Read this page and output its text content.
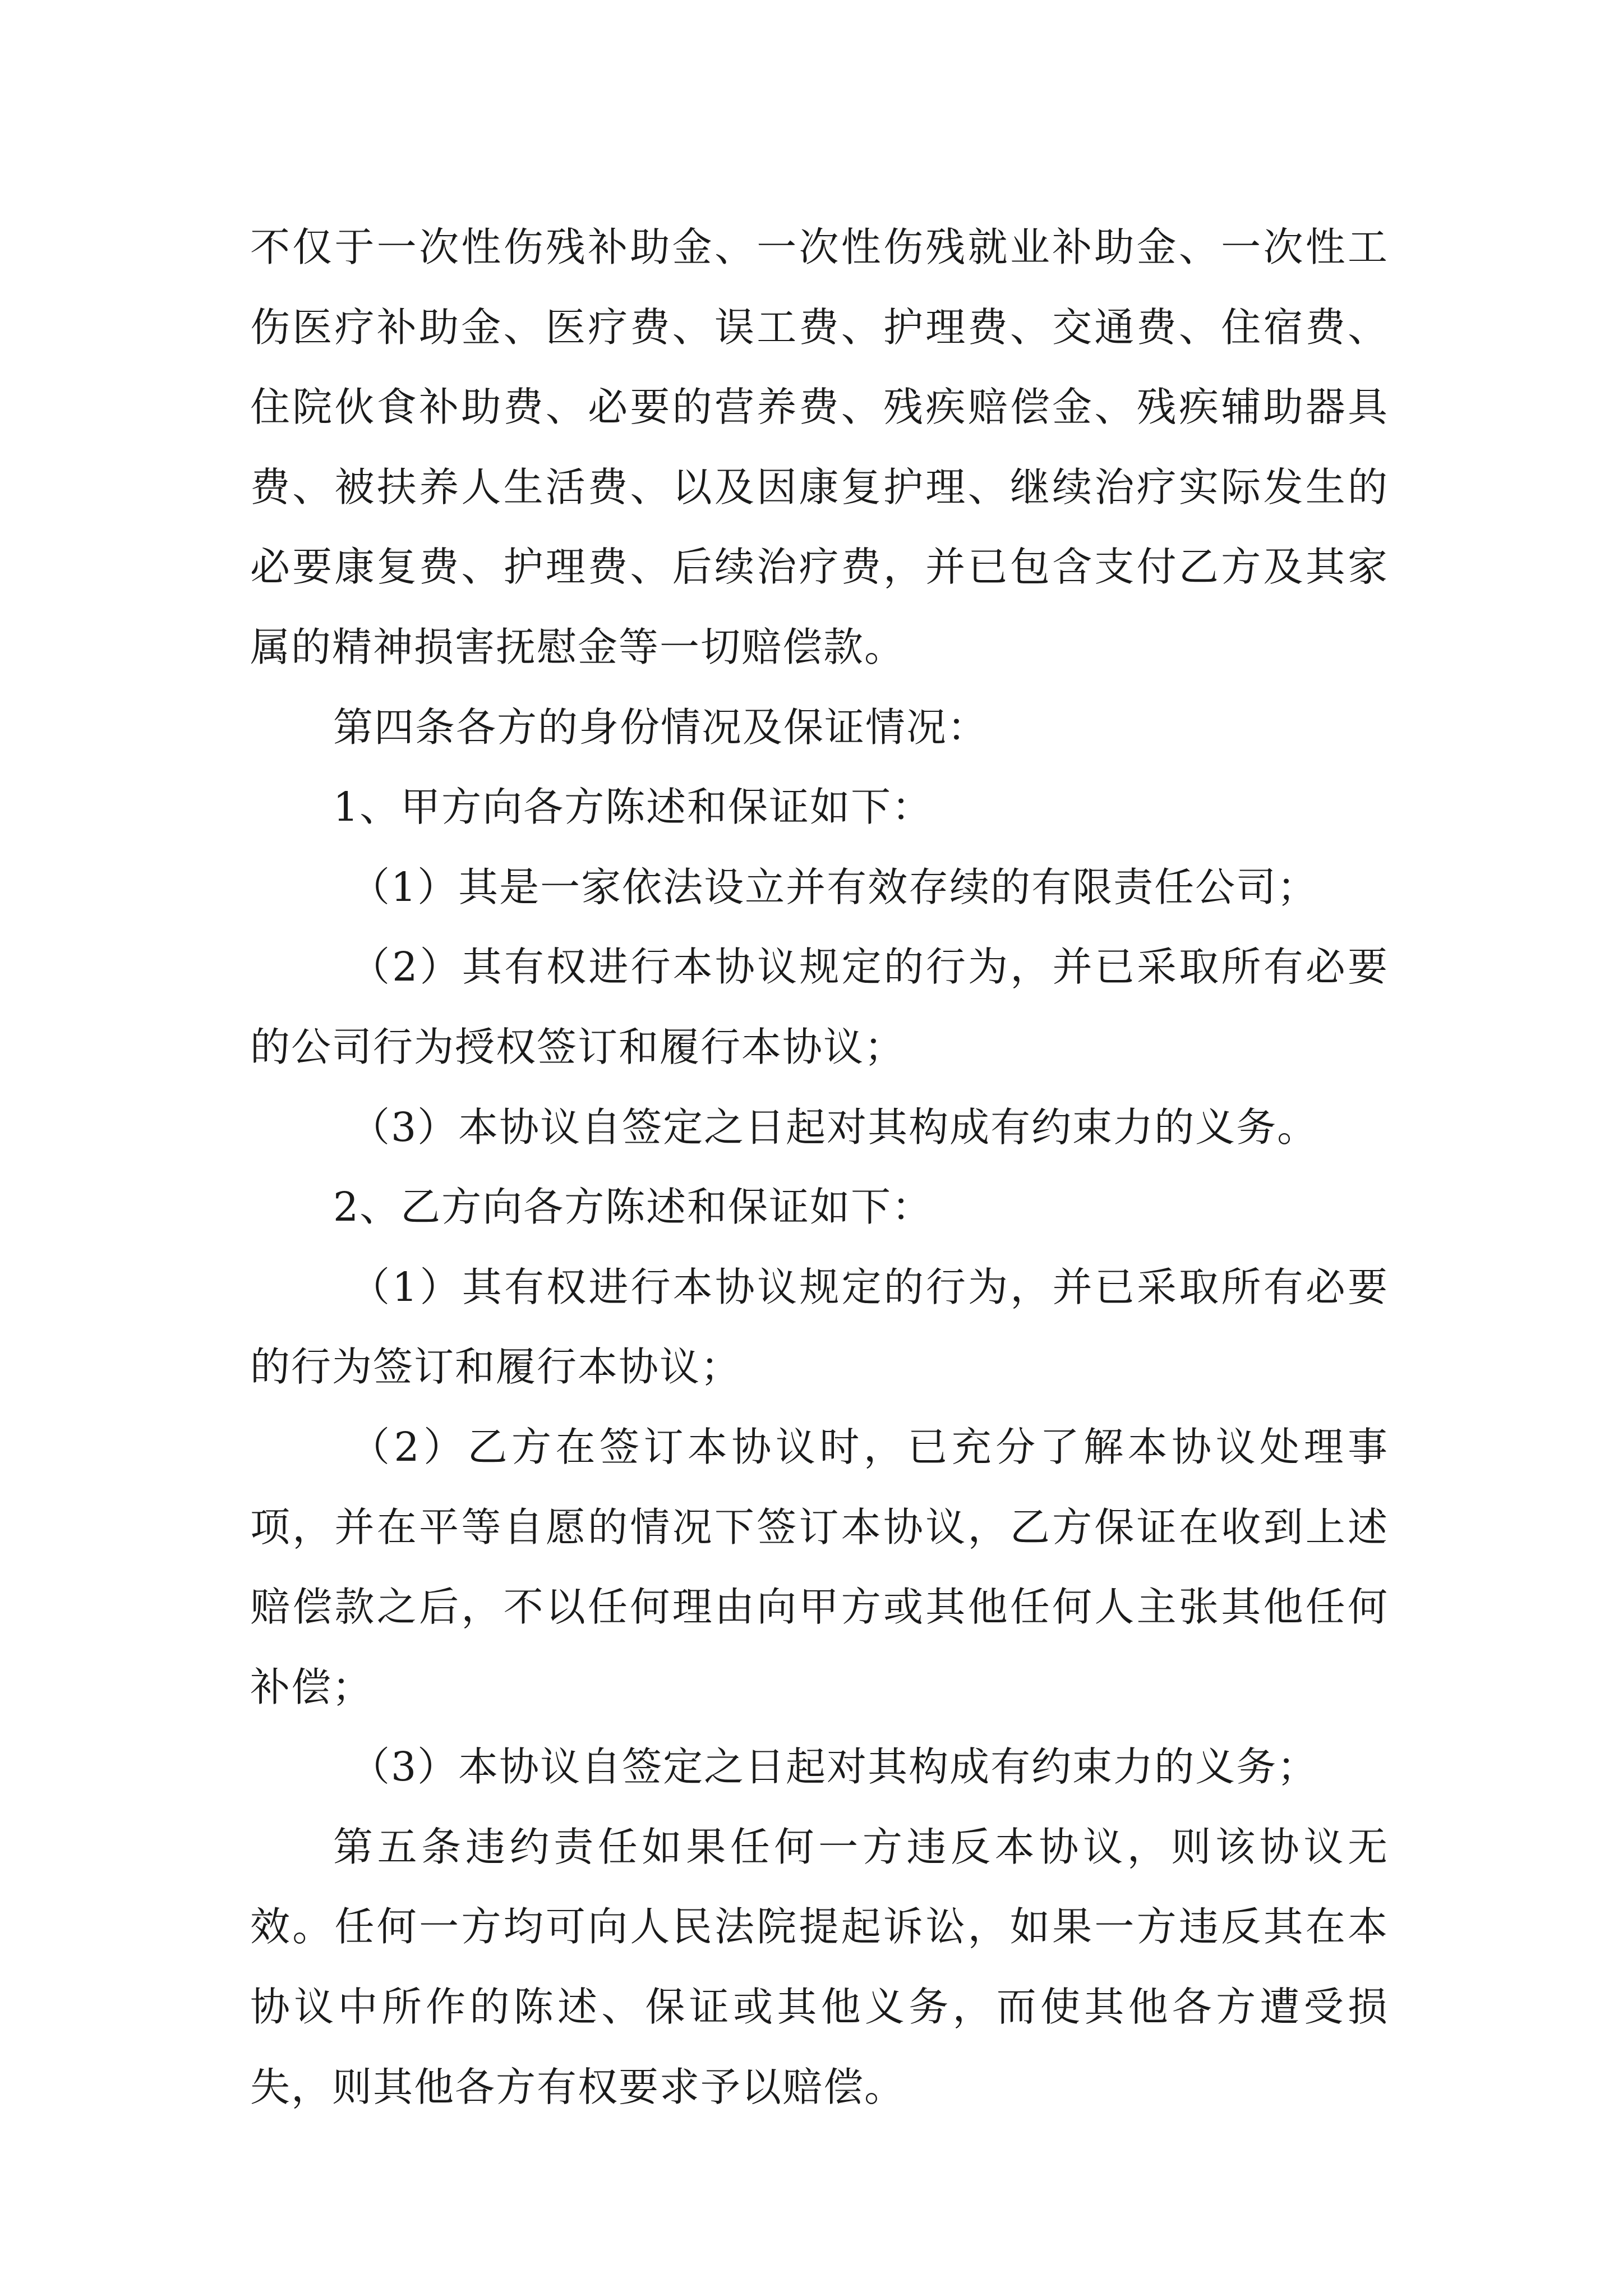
不仅于一次性伤残补助金、一次性伤残就业补助金、一次性工伤医疗补助金、医疗费、误工费、护理费、交通费、住宿费、住院伙食补助费、必要的营养费、残疾赔偿金、残疾辅助器具费、被扶养人生活费、以及因康复护理、继续治疗实际发生的必要康复费、护理费、后续治疗费，并已包含支付乙方及其家属的精神损害抚慰金等一切赔偿款。

第四条各方的身份情况及保证情况：

1、甲方向各方陈述和保证如下：

（1）其是一家依法设立并有效存续的有限责任公司；

（2）其有权进行本协议规定的行为，并已采取所有必要的公司行为授权签订和履行本协议；

（3）本协议自签定之日起对其构成有约束力的义务。

2、乙方向各方陈述和保证如下：

（1）其有权进行本协议规定的行为，并已采取所有必要的行为签订和履行本协议；

（2）乙方在签订本协议时，已充分了解本协议处理事项，并在平等自愿的情况下签订本协议，乙方保证在收到上述赔偿款之后，不以任何理由向甲方或其他任何人主张其他任何补偿；

（3）本协议自签定之日起对其构成有约束力的义务；

第五条违约责任如果任何一方违反本协议，则该协议无效。任何一方均可向人民法院提起诉讼，如果一方违反其在本协议中所作的陈述、保证或其他义务，而使其他各方遭受损失，则其他各方有权要求予以赔偿。
